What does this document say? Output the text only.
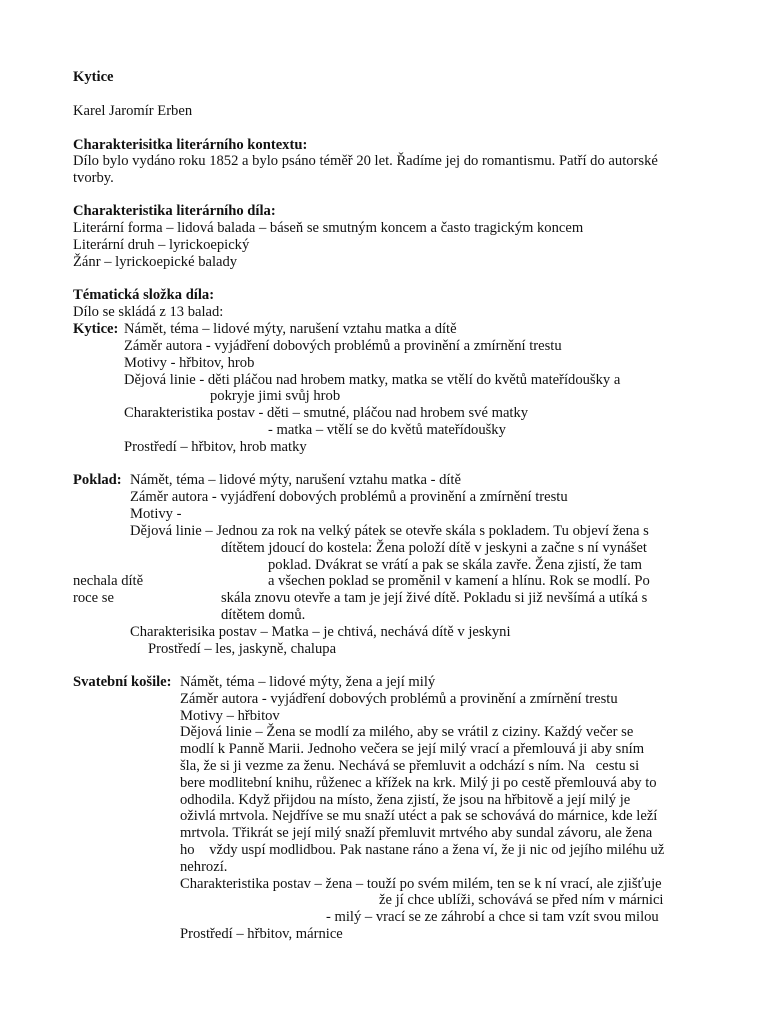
Kytice
Karel Jaromír Erben
Charakterisitka literárního kontextu:
Dílo bylo vydáno roku 1852 a bylo psáno téměř 20 let. Řadíme jej do romantismu. Patří do autorské
tvorby.
Charakteristika literárního díla:
Literární forma – lidová balada – báseň se smutným koncem a často tragickým koncem
Literární druh – lyrickoepický
Žánr – lyrickoepické balady
Tématická složka díla:
Dílo se skládá z 13 balad:
Kytice: Námět, téma – lidové mýty, narušení vztahu matka a dítě
Záměr autora - vyjádření dobových problémů a provinění a zmírnění trestu
Motivy - hřbitov, hrob
Dějová linie - děti pláčou nad hrobem matky, matka se vtělí do květů mateřídoušky a
pokryje jimi svůj hrob
Charakteristika postav - děti – smutné, pláčou nad hrobem své matky
- matka – vtělí se do květů mateřídoušky
Prostředí – hřbitov, hrob matky
Poklad: Námět, téma – lidové mýty, narušení vztahu matka - dítě
Záměr autora - vyjádření dobových problémů a provinění a zmírnění trestu
Motivy -
Dějová linie – Jednou za rok na velký pátek se otevře skála s pokladem. Tu objeví žena s
dítětem jdoucí do kostela: Žena položí dítě v jeskyni a začne s ní vynášet
poklad. Dvákrat se vrátí a pak se skála zavře. Žena zjistí, že tam
nechala dítě	a všechen poklad se proměnil v kamení a hlínu. Rok se modlí. Po
roce se	skála znovu otevře a tam je její živé dítě. Pokladu si již nevšímá a utíká s
dítětem domů.
Charakterisika postav – Matka – je chtivá, nechává dítě v jeskyni
Prostředí – les, jaskyně, chalupa
Svatební košile: Námět, téma – lidové mýty, žena a její milý
Záměr autora - vyjádření dobových problémů a provinění a zmírnění trestu
Motivy – hřbitov
Dějová linie – Žena se modlí za milého, aby se vrátil z ciziny. Každý večer se
modlí k Panně Marii. Jednoho večera se její milý vrací a přemlouvá ji aby sním
šla, že si ji vezme za ženu. Nechává se přemluvit a odchází s ním. Na   cestu si
bere modlitební knihu, růženec a křížek na krk. Milý ji po cestě přemlouvá aby to
odhodila. Když přijdou na místo, žena zjistí, že jsou na hřbitově a její milý je
oživlá mrtvola. Nejdříve se mu snaží utéct a pak se schovává do márnice, kde leží
mrtvola. Třikrát se její milý snaží přemluvit mrtvého aby sundal závoru, ale žena
ho    vždy uspí modlidbou. Pak nastane ráno a žena ví, že ji nic od jejího miléhu už
nehrozí.
Charakteristika postav – žena – touží po svém milém, ten se k ní vrací, ale zjišťuje
že jí chce ublíži, schovává se před ním v márnici
- milý – vrací se ze záhrobí a chce si tam vzít svou milou
Prostředí – hřbitov, márnice
